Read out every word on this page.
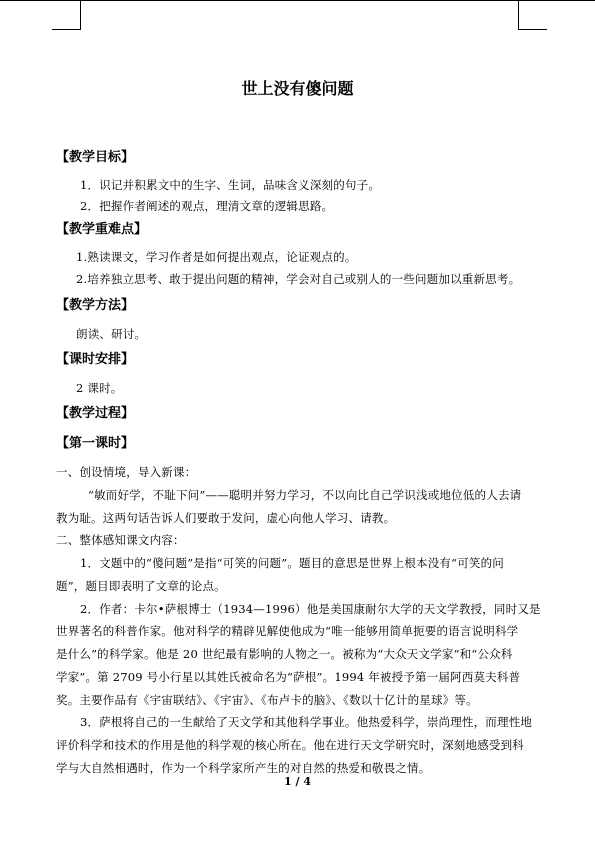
世上没有傻问题
【教学目标】
1．识记并积累文中的生字、生词，品味含义深刻的句子。
2．把握作者阐述的观点，理清文章的逻辑思路。
【教学重难点】
1.熟读课文，学习作者是如何提出观点，论证观点的。
2.培养独立思考、敢于提出问题的精神，学会对自己或别人的一些问题加以重新思考。
【教学方法】
朗读、研讨。
【课时安排】
2 课时。
【教学过程】
【第一课时】
一、创设情境，导入新课：
“敏而好学，不耻下问”——聪明并努力学习，不以向比自己学识浅或地位低的人去请
教为耻。这两句话告诉人们要敢于发问，虚心向他人学习、请教。
二、整体感知课文内容：
1．文题中的“傻问题”是指“可笑的问题”。题目的意思是世界上根本没有“可笑的问
题”，题目即表明了文章的论点。
2．作者：卡尔•萨根博士（1934—1996）他是美国康耐尔大学的天文学教授，同时又是
世界著名的科普作家。他对科学的精辟见解使他成为“唯一能够用简单扼要的语言说明科学
是什么”的科学家。他是 20 世纪最有影响的人物之一。被称为“大众天文学家”和“公众科
学家”。第 2709 号小行星以其姓氏被命名为“萨根”。1994 年被授予第一届阿西莫夫科普
奖。主要作品有《宇宙联结》、《宇宙》、《布卢卡的脑》、《数以十亿计的星球》等。
3．萨根将自己的一生献给了天文学和其他科学事业。他热爱科学，崇尚理性，而理性地
评价科学和技术的作用是他的科学观的核心所在。他在进行天文学研究时，深刻地感受到科
学与大自然相遇时，作为一个科学家所产生的对自然的热爱和敬畏之情。
1 / 4
